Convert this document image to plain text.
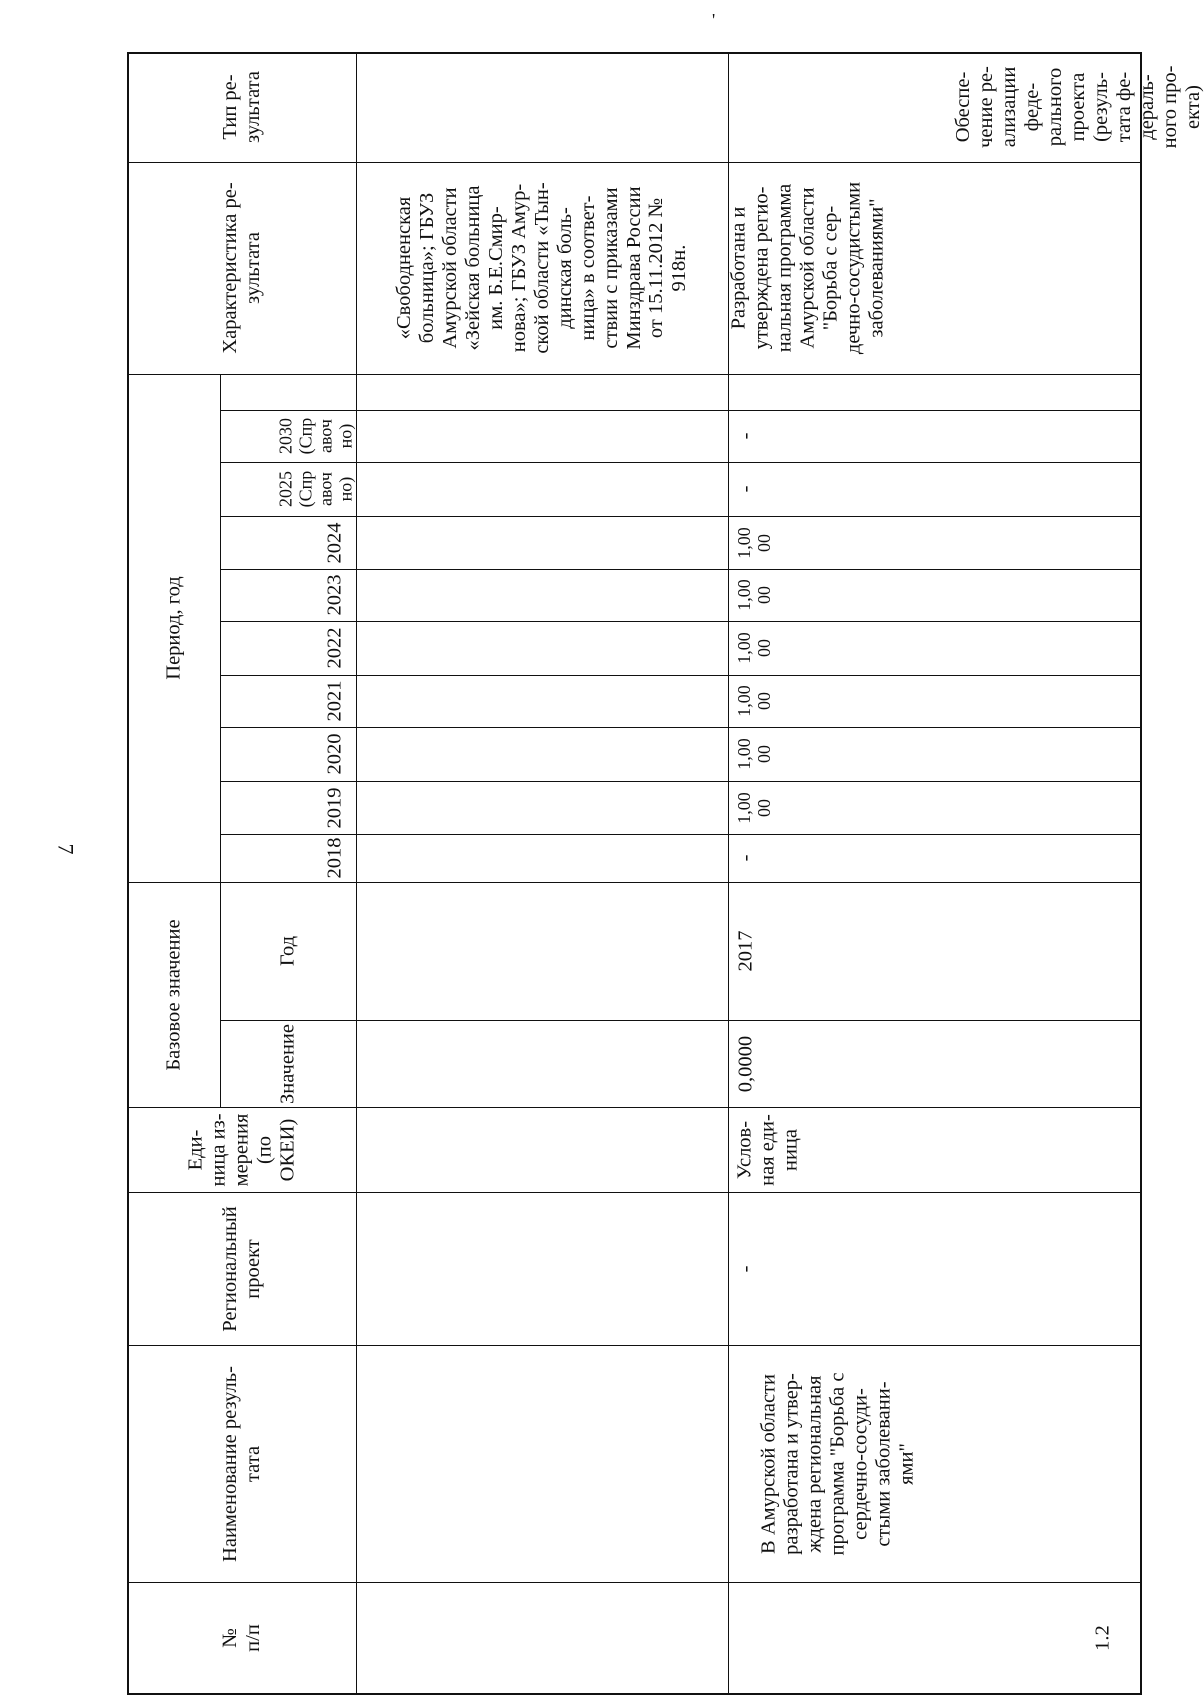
7
'
№
п/п
Наименование резуль-
тата
Региональный
проект
Еди-
ница из-
мерения
(по
ОКЕИ)
Базовое значение	Значение
Год
Период, год
2018
2019
2020
2021
2022
2023
2024
2025
(Спр
авоч
но)
2030
(Спр
авоч
но)
Характеристика ре-
зультата
Тип ре-
зультата
«Свободненская
больница»; ГБУЗ
Амурской области
«Зейская больница
им. Б.Е.Смир-
нова»; ГБУЗ Амур-
ской области «Тын-
динская боль-
ница» в соответ-
ствии с приказами
Минздрава России
от 15.11.2012 №
918н.
1.2
В Амурской области
разработана и утвер-
ждена региональная
программа "Борьба с
сердечно-сосуди-
стыми заболевани-
ями"
-
Услов-
ная еди-
ница
0,0000
2017
-
1,00
00
1,00
00
1,00
00
1,00
00
1,00
00
1,00
00
-
-
Разработана и
утверждена регио-
нальная программа
Амурской области
"Борьба с сер-
дечно-сосудистыми
заболеваниями"
Обеспе-
чение ре-
ализации
феде-
рального
проекта
(резуль-
тата фе-
дераль-
ного про-
екта)
